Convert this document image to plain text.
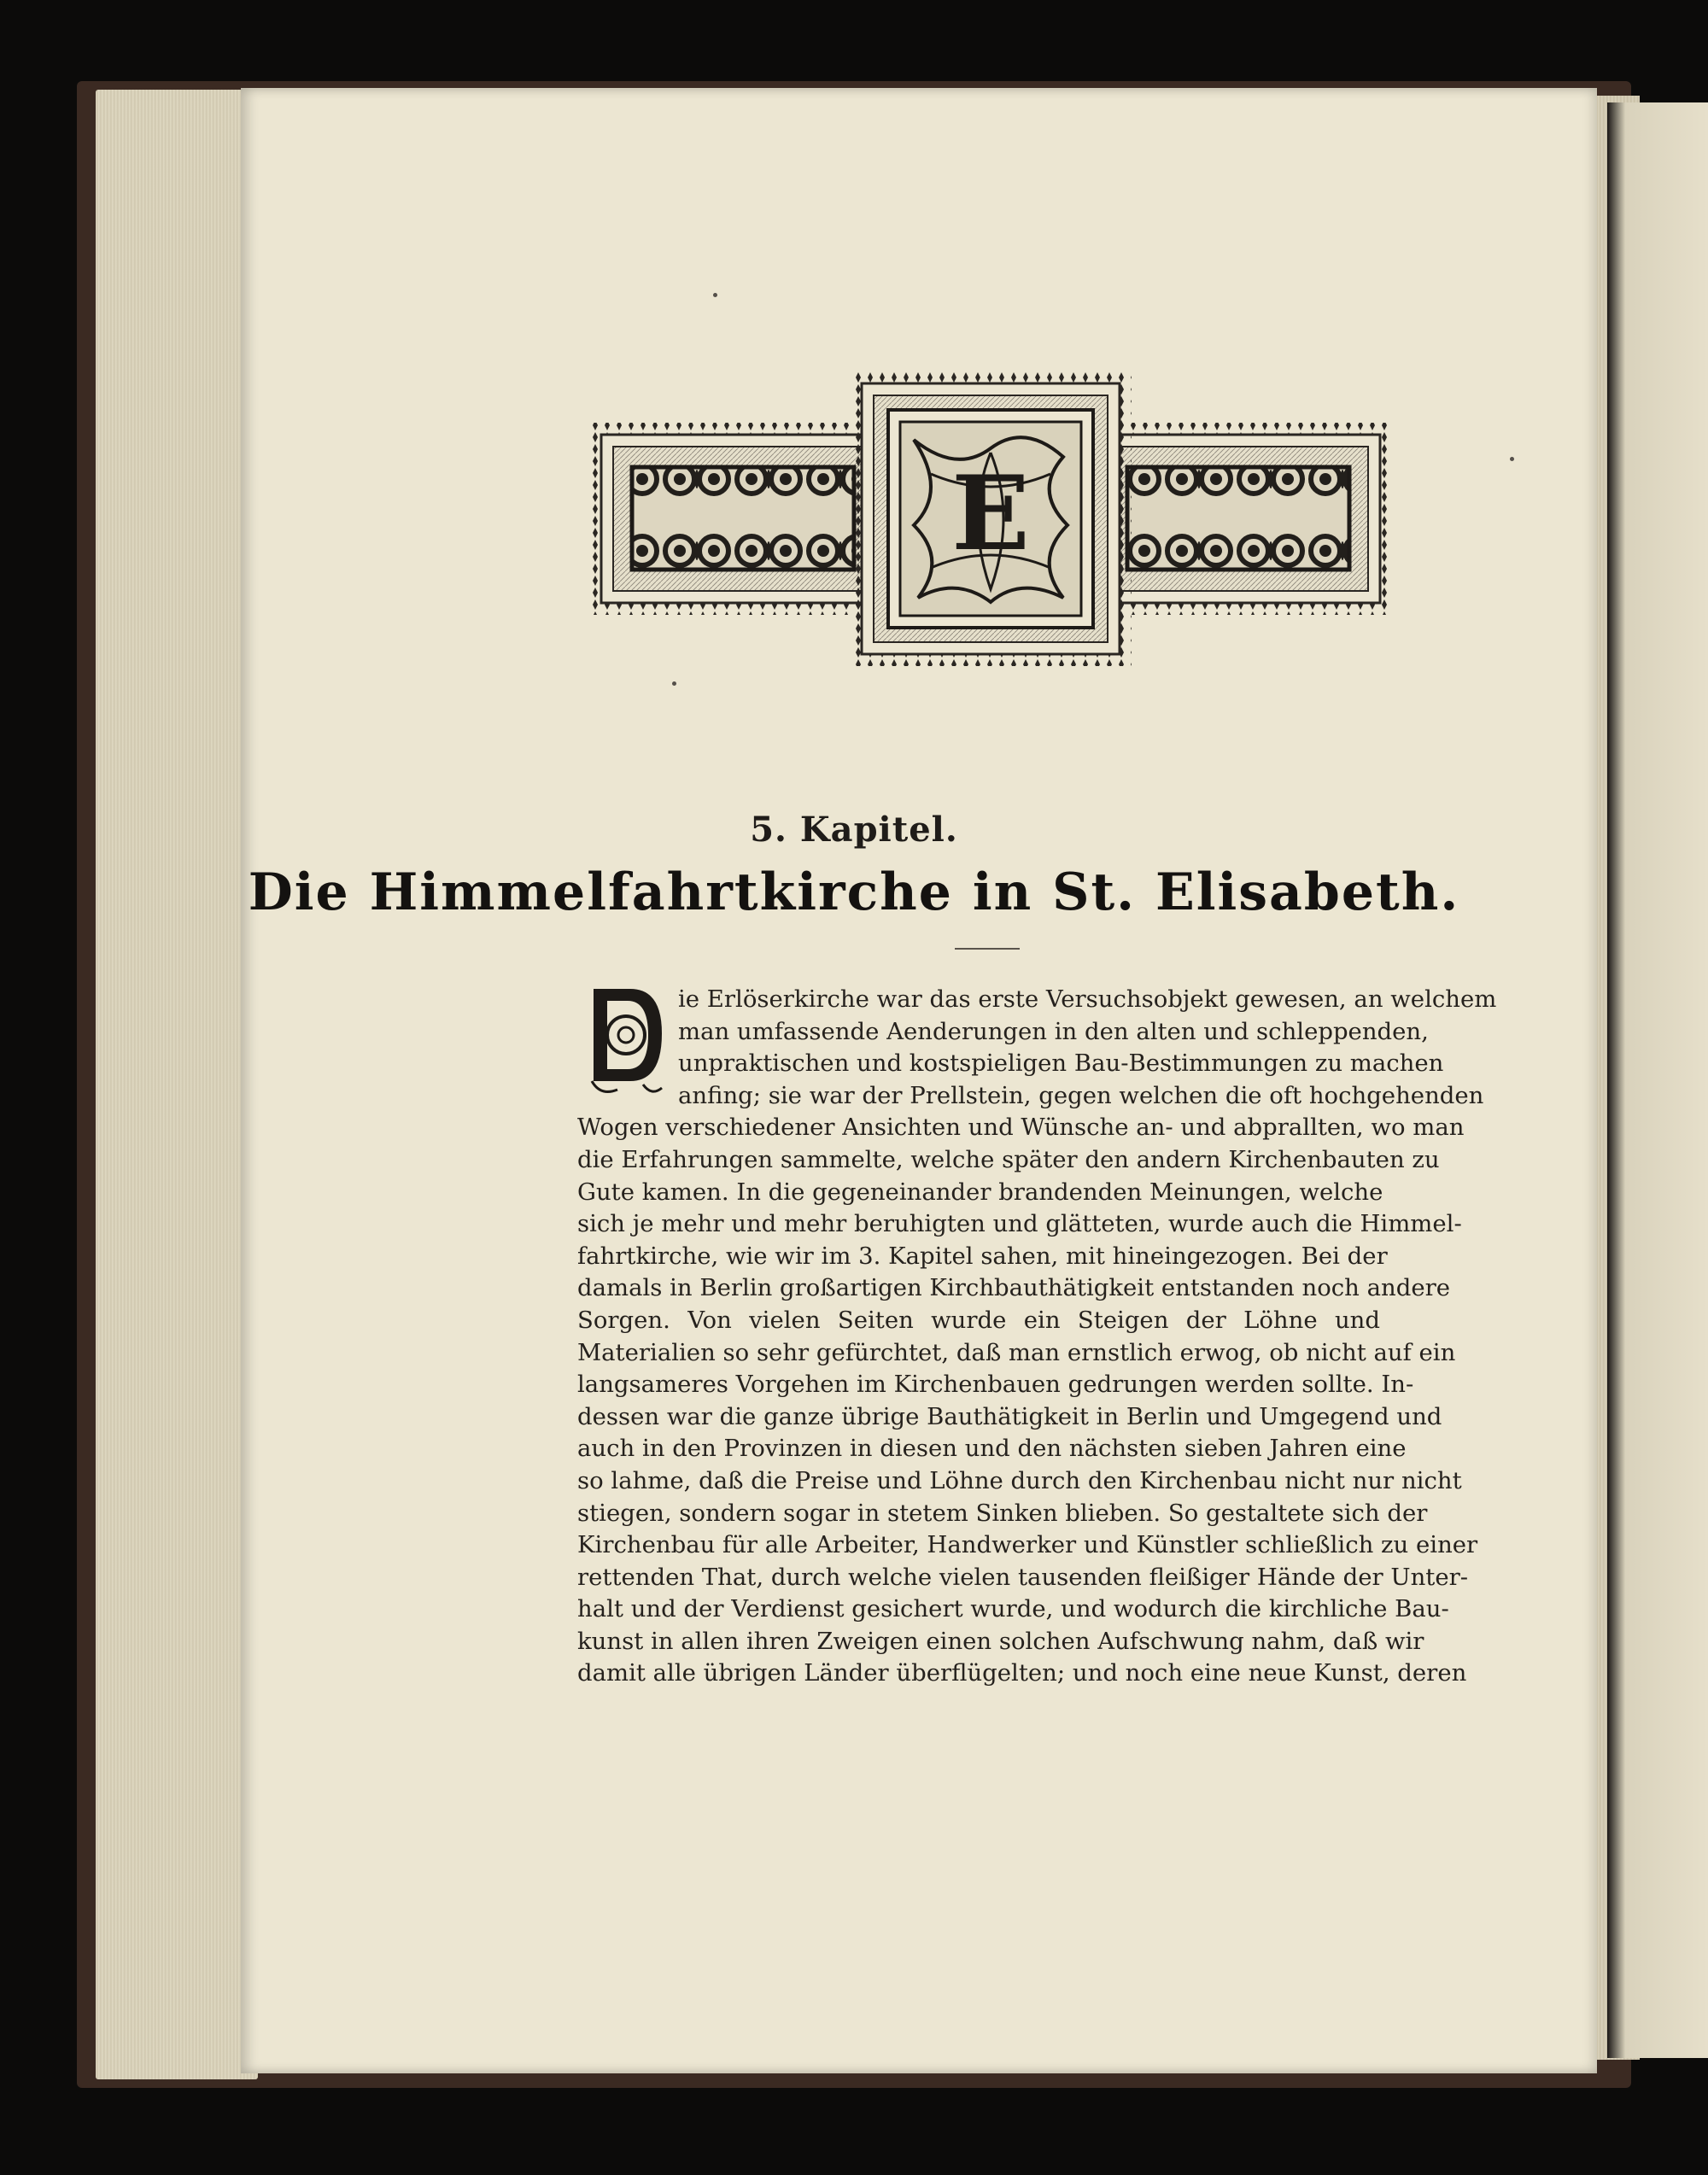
E
5. Kapitel.
Die Himmelfahrtkirche in St. Elisabeth.
D
ie Erlöserkirche war das erste Versuchsobjekt gewesen, an welchem
man umfassende Aenderungen in den alten und schleppenden,
unpraktischen und kostspieligen Bau-Bestimmungen zu machen
anfing; sie war der Prellstein, gegen welchen die oft hochgehenden
Wogen verschiedener Ansichten und Wünsche an- und abprallten, wo man
die Erfahrungen sammelte, welche später den andern Kirchenbauten zu
Gute kamen. In die gegeneinander brandenden Meinungen, welche
sich je mehr und mehr beruhigten und glätteten, wurde auch die Himmel-
fahrtkirche, wie wir im 3. Kapitel sahen, mit hineingezogen. Bei der
damals in Berlin großartigen Kirchbauthätigkeit entstanden noch andere
Sorgen. Von vielen Seiten wurde ein Steigen der Löhne und
Materialien so sehr gefürchtet, daß man ernstlich erwog, ob nicht auf ein
langsameres Vorgehen im Kirchenbauen gedrungen werden sollte. In-
dessen war die ganze übrige Bauthätigkeit in Berlin und Umgegend und
auch in den Provinzen in diesen und den nächsten sieben Jahren eine
so lahme, daß die Preise und Löhne durch den Kirchenbau nicht nur nicht
stiegen, sondern sogar in stetem Sinken blieben. So gestaltete sich der
Kirchenbau für alle Arbeiter, Handwerker und Künstler schließlich zu einer
rettenden That, durch welche vielen tausenden fleißiger Hände der Unter-
halt und der Verdienst gesichert wurde, und wodurch die kirchliche Bau-
kunst in allen ihren Zweigen einen solchen Aufschwung nahm, daß wir
damit alle übrigen Länder überflügelten; und noch eine neue Kunst, deren
